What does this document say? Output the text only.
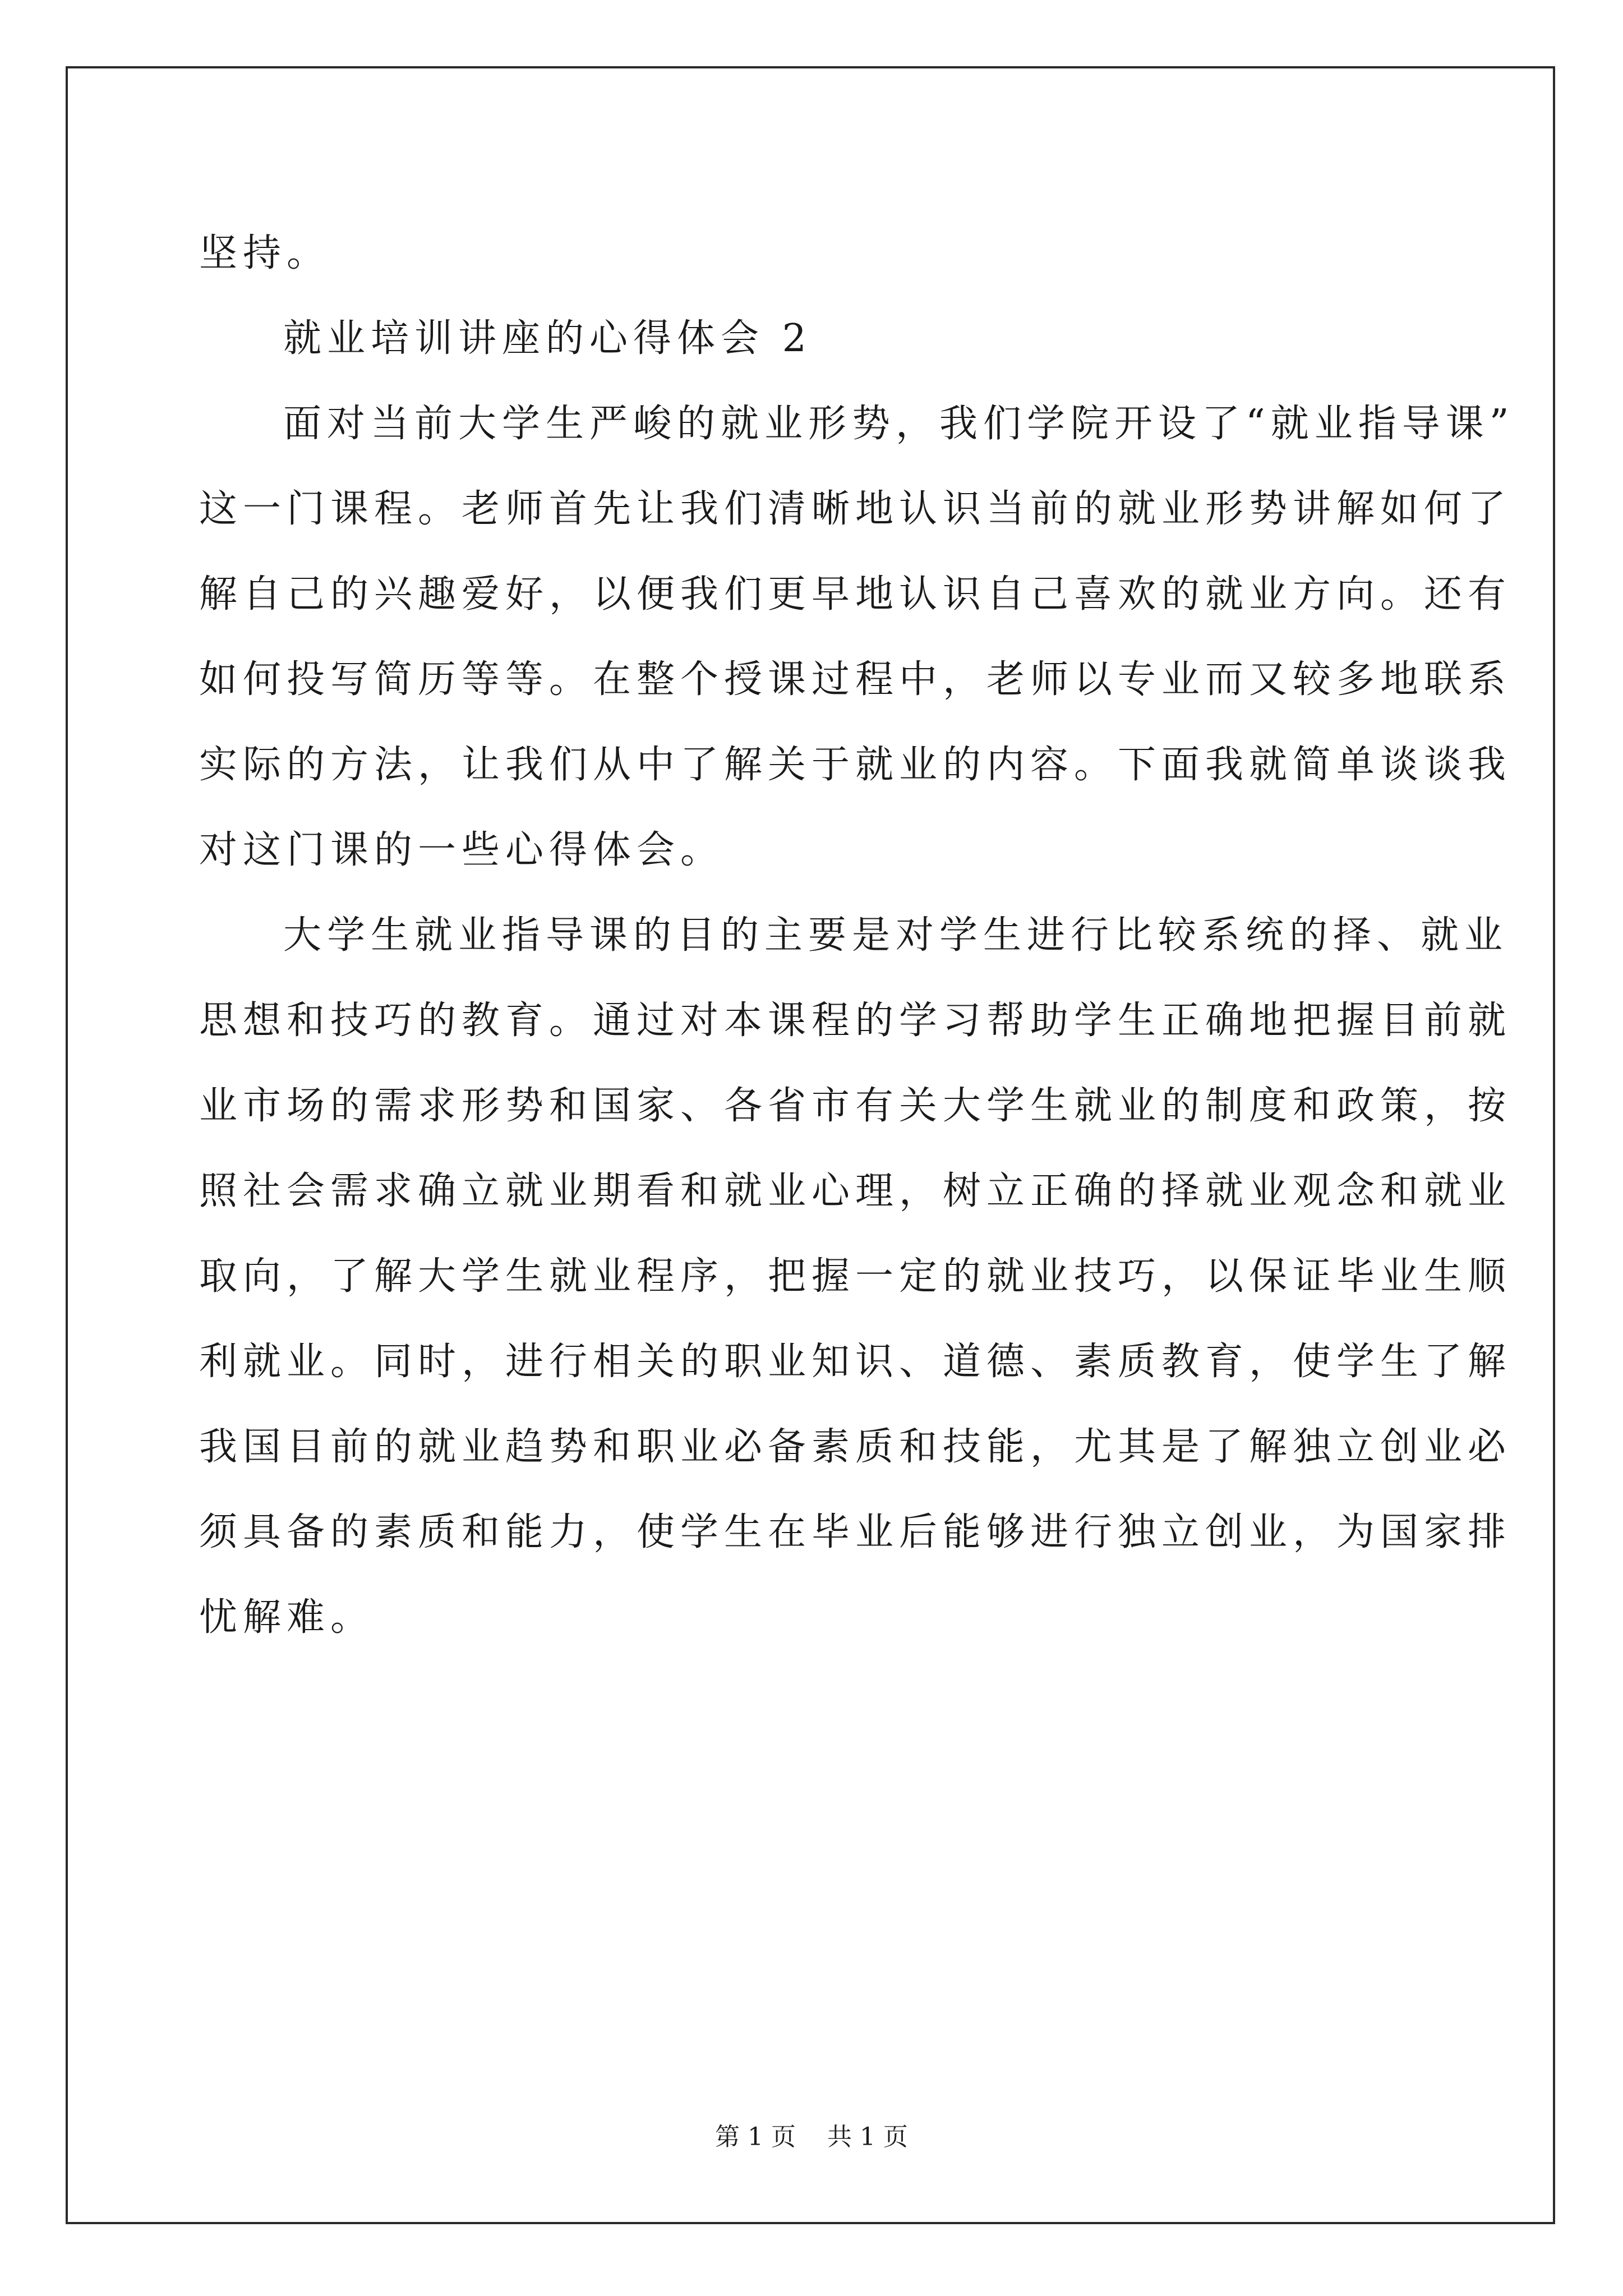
坚持。
就业培训讲座的心得体会 2
面对当前大学生严峻的就业形势，我们学院开设了“就业指导课”
这一门课程。老师首先让我们清晰地认识当前的就业形势讲解如何了
解自己的兴趣爱好，以便我们更早地认识自己喜欢的就业方向。还有
如何投写简历等等。在整个授课过程中，老师以专业而又较多地联系
实际的方法，让我们从中了解关于就业的内容。下面我就简单谈谈我
对这门课的一些心得体会。
大学生就业指导课的目的主要是对学生进行比较系统的择、就业
思想和技巧的教育。通过对本课程的学习帮助学生正确地把握目前就
业市场的需求形势和国家、各省市有关大学生就业的制度和政策，按
照社会需求确立就业期看和就业心理，树立正确的择就业观念和就业
取向，了解大学生就业程序，把握一定的就业技巧，以保证毕业生顺
利就业。同时，进行相关的职业知识、道德、素质教育，使学生了解
我国目前的就业趋势和职业必备素质和技能，尤其是了解独立创业必
须具备的素质和能力，使学生在毕业后能够进行独立创业，为国家排
忧解难。
第 1 页    共 1 页
